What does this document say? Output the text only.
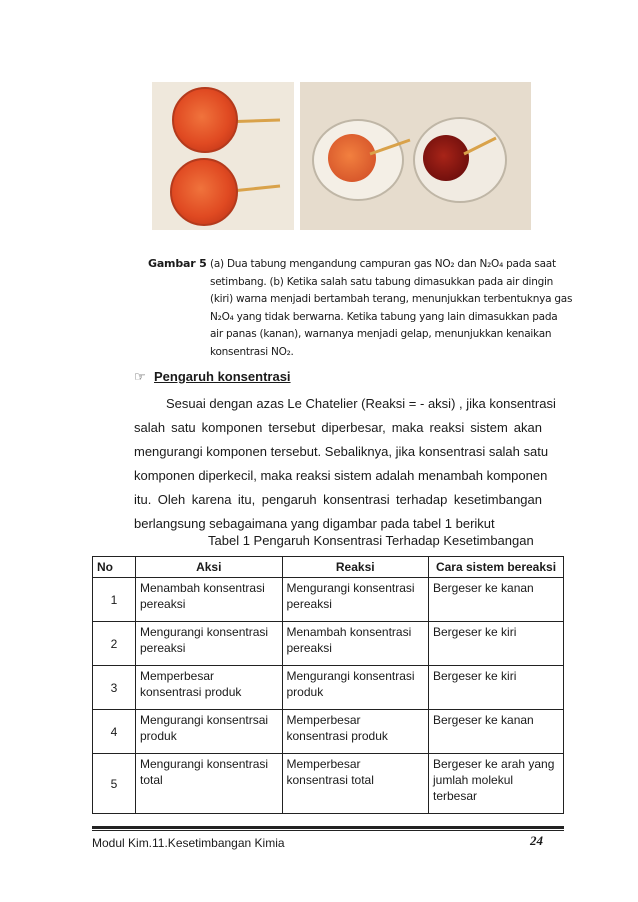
Gambar 5 (a) Dua tabung mengandung campuran gas NO₂ dan N₂O₄ pada saat
setimbang. (b) Ketika salah satu tabung dimasukkan pada air dingin
(kiri) warna menjadi bertambah terang, menunjukkan terbentuknya gas
N₂O₄ yang tidak berwarna. Ketika tabung yang lain dimasukkan pada
air panas (kanan), warnanya menjadi gelap, menunjukkan kenaikan
konsentrasi NO₂.
☞ Pengaruh konsentrasi
Sesuai dengan azas Le Chatelier (Reaksi = - aksi) , jika konsentrasi
salah satu komponen tersebut diperbesar, maka reaksi sistem akan
mengurangi komponen tersebut. Sebaliknya, jika konsentrasi salah satu
komponen diperkecil, maka reaksi sistem adalah menambah komponen
itu. Oleh karena itu, pengaruh konsentrasi terhadap kesetimbangan
berlangsung sebagaimana yang digambar pada tabel 1 berikut
Tabel 1 Pengaruh Konsentrasi Terhadap Kesetimbangan
No	Aksi	Reaksi	Cara sistem bereaksi
1	Menambah konsentrasi pereaksi	Mengurangi konsentrasi pereaksi	Bergeser ke kanan
2	Mengurangi konsentrasi pereaksi	Menambah konsentrasi pereaksi	Bergeser ke kiri
3	Memperbesar konsentrasi produk	Mengurangi konsentrasi produk	Bergeser ke kiri
4	Mengurangi konsentrsai produk	Memperbesar konsentrasi produk	Bergeser ke kanan
5	Mengurangi konsentrasi total	Memperbesar konsentrasi total	Bergeser ke arah yang jumlah molekul terbesar
Modul Kim.11.Kesetimbangan Kimia	24
